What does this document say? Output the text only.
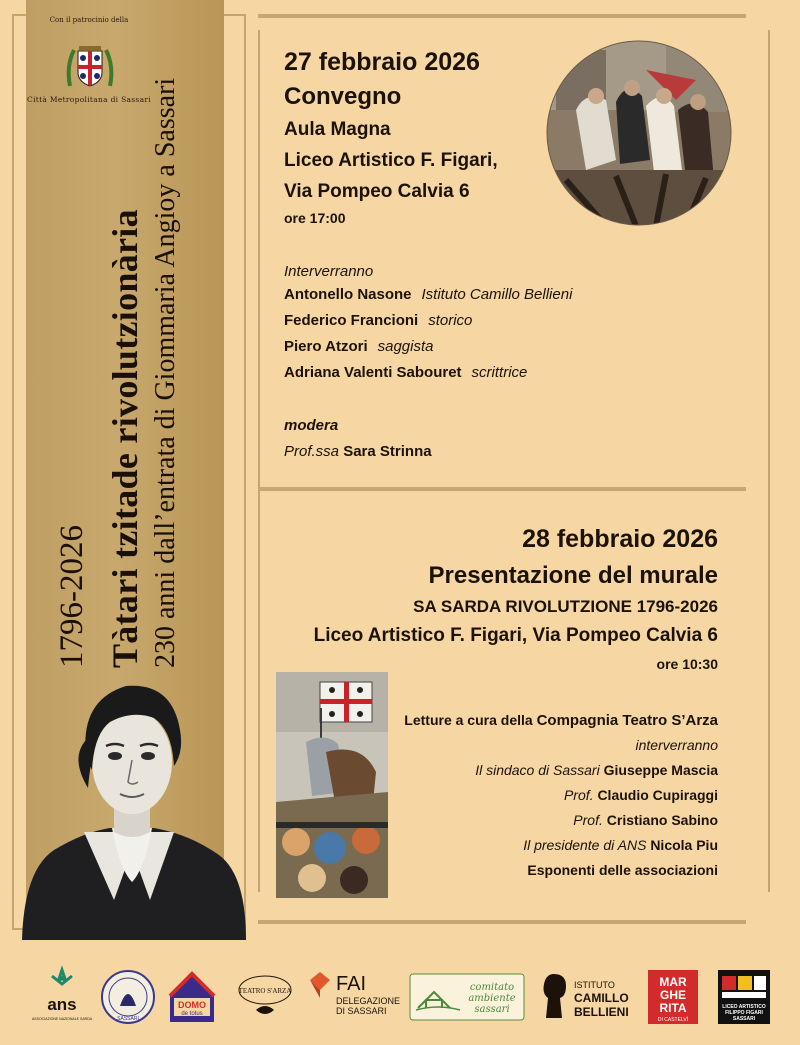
Con il patrocinio della
Città Metropolitana di Sassari
1796-2026 Tàtari tzitade rivolutzionària 230 anni dall’entrata di Giommaria Angioy a Sassari
27 febbraio 2026
Convegno
Aula Magna
Liceo Artistico F. Figari,
Via Pompeo Calvia 6
ore 17:00
Interverranno
Antonello Nasone Istituto Camillo Bellieni
Federico Francioni storico
Piero Atzori saggista
Adriana Valenti Sabouret scrittrice
modera
Prof.ssa Sara Strinna
28 febbraio 2026
Presentazione del murale
SA SARDA RIVOLUTZIONE 1796-2026
Liceo Artistico F. Figari, Via Pompeo Calvia 6
ore 10:30
Letture a cura della Compagnia Teatro S’Arza
interverranno
Il sindaco di Sassari Giuseppe Mascia
Prof. Claudio Cupiraggi
Prof. Cristiano Sabino
Il presidente di ANS Nicola Piu
Esponenti delle associazioni
ans
ASSOCIAZIONE NAZIONALE SARDA	SASSARI
DOMO
de totus
TEATRO S'ARZA FAI
DELEGAZIONE
DI SASSARI
comitato
ambiente
sassari
ISTITUTO
CAMILLO
BELLIENI
MAR
GHE
RITA
DI CASTELVÌ
LICEO ARTISTICO
FILIPPO FIGARI
SASSARI
